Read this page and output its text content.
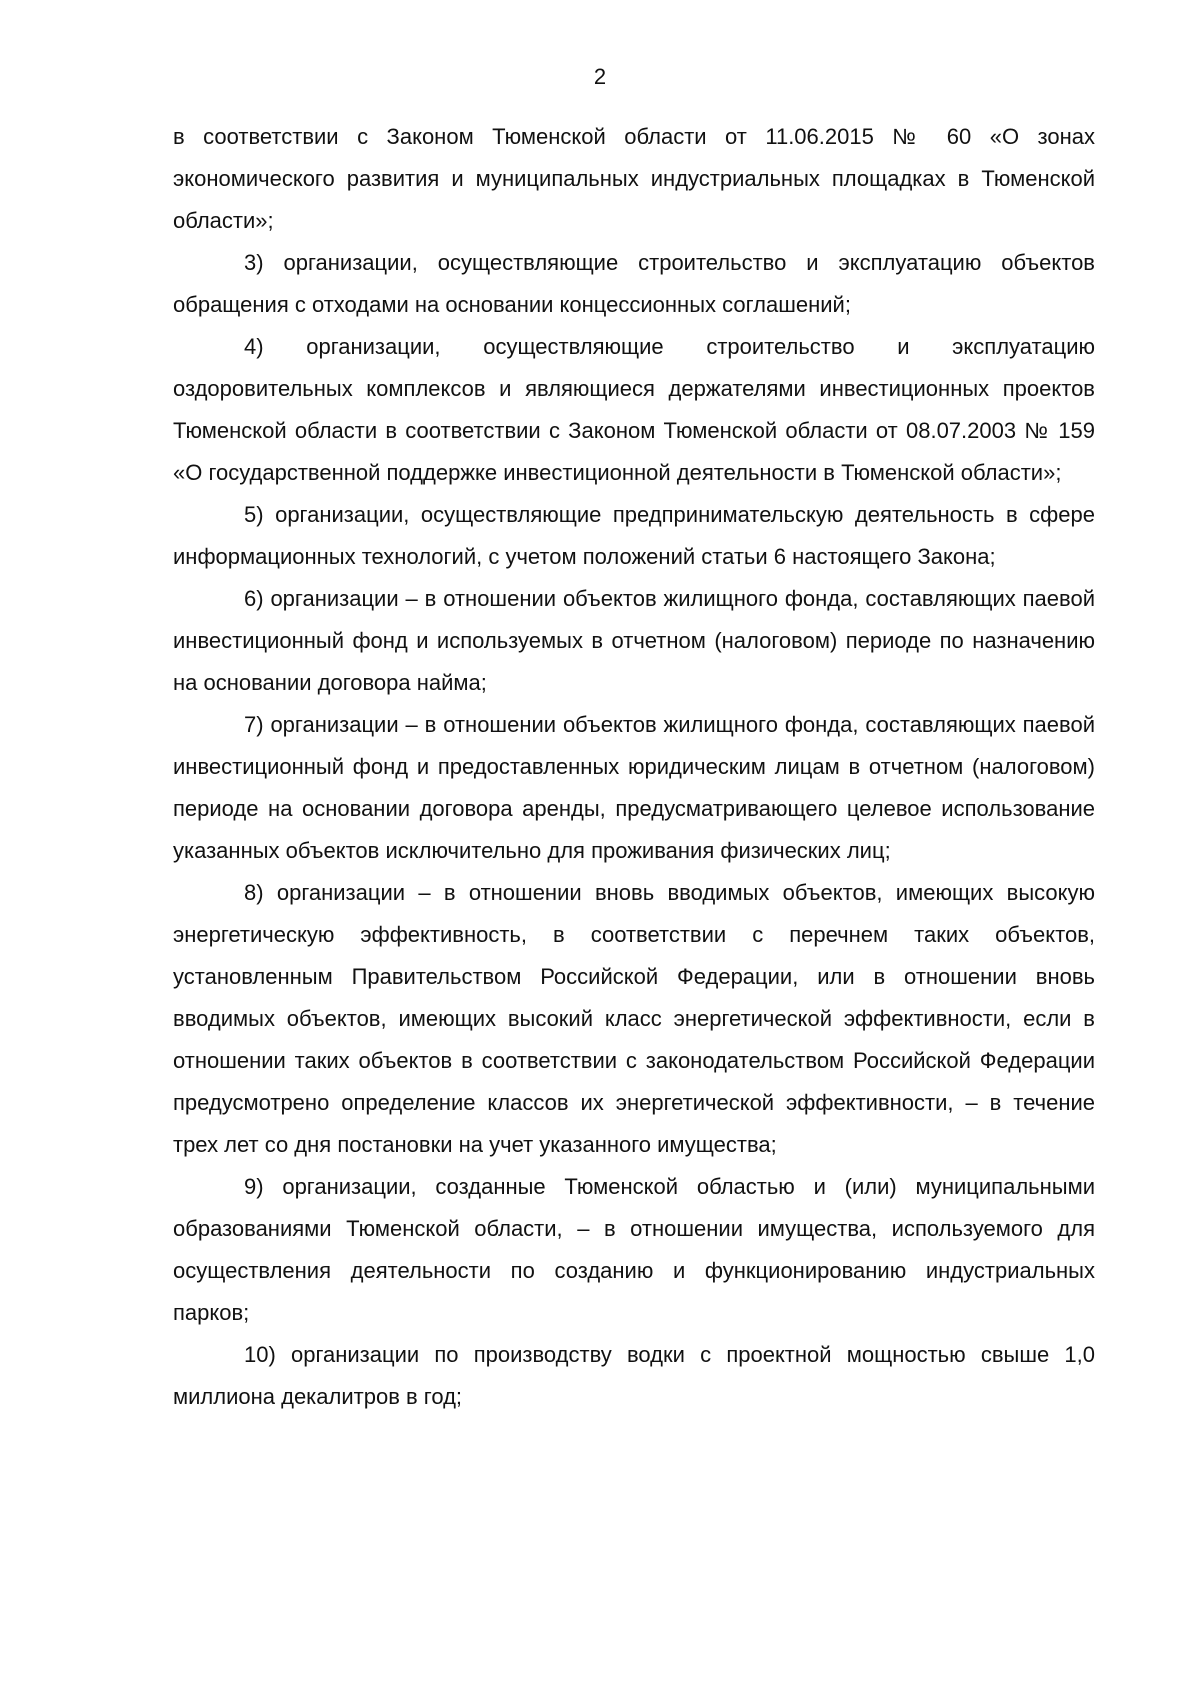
2

в соответствии с Законом Тюменской области от 11.06.2015 № 60 «О зонах экономического развития и муниципальных индустриальных площадках в Тюменской области»;

3) организации, осуществляющие строительство и эксплуатацию объектов обращения с отходами на основании концессионных соглашений;

4) организации, осуществляющие строительство и эксплуатацию оздоровительных комплексов и являющиеся держателями инвестиционных проектов Тюменской области в соответствии с Законом Тюменской области от 08.07.2003 № 159 «О государственной поддержке инвестиционной деятельности в Тюменской области»;

5) организации, осуществляющие предпринимательскую деятельность в сфере информационных технологий, с учетом положений статьи 6 настоящего Закона;

6) организации – в отношении объектов жилищного фонда, составляющих паевой инвестиционный фонд и используемых в отчетном (налоговом) периоде по назначению на основании договора найма;

7) организации – в отношении объектов жилищного фонда, составляющих паевой инвестиционный фонд и предоставленных юридическим лицам в отчетном (налоговом) периоде на основании договора аренды, предусматривающего целевое использование указанных объектов исключительно для проживания физических лиц;

8) организации – в отношении вновь вводимых объектов, имеющих высокую энергетическую эффективность, в соответствии с перечнем таких объектов, установленным Правительством Российской Федерации, или в отношении вновь вводимых объектов, имеющих высокий класс энергетической эффективности, если в отношении таких объектов в соответствии с законодательством Российской Федерации предусмотрено определение классов их энергетической эффективности, – в течение трех лет со дня постановки на учет указанного имущества;

9) организации, созданные Тюменской областью и (или) муниципальными образованиями Тюменской области, – в отношении имущества, используемого для осуществления деятельности по созданию и функционированию индустриальных парков;

10) организации по производству водки с проектной мощностью свыше 1,0 миллиона декалитров в год;
